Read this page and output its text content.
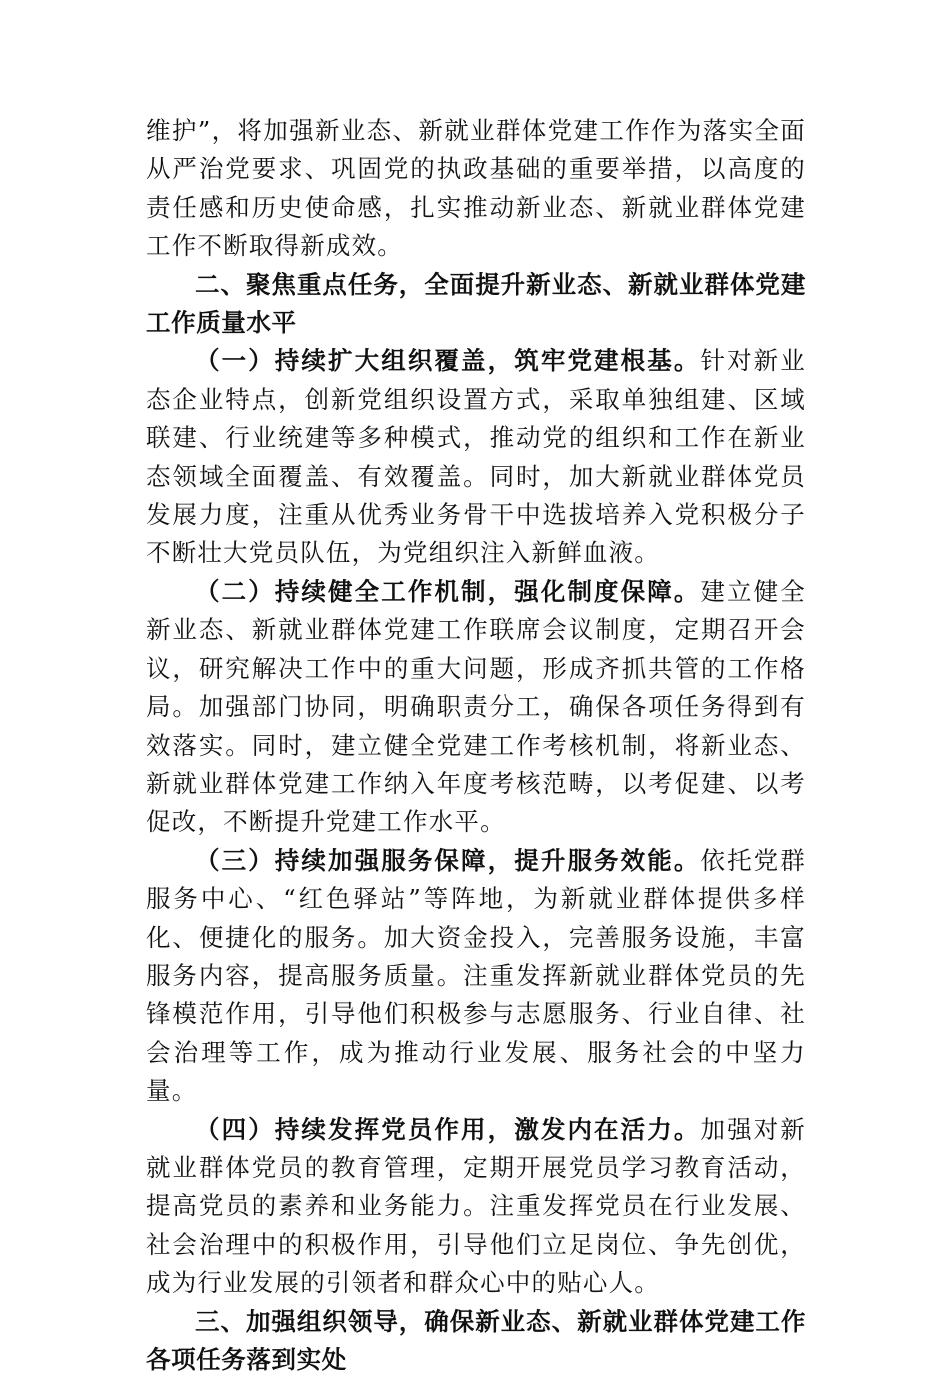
维护”，将加强新业态、新就业群体党建工作作为落实全面从严治党要求、巩固党的执政基础的重要举措，以高度的责任感和历史使命感，扎实推动新业态、新就业群体党建工作不断取得新成效。

二、聚焦重点任务，全面提升新业态、新就业群体党建工作质量水平

（一）持续扩大组织覆盖，筑牢党建根基。针对新业态企业特点，创新党组织设置方式，采取单独组建、区域联建、行业统建等多种模式，推动党的组织和工作在新业态领域全面覆盖、有效覆盖。同时，加大新就业群体党员发展力度，注重从优秀业务骨干中选拔培养入党积极分子不断壮大党员队伍，为党组织注入新鲜血液。

（二）持续健全工作机制，强化制度保障。建立健全新业态、新就业群体党建工作联席会议制度，定期召开会议，研究解决工作中的重大问题，形成齐抓共管的工作格局。加强部门协同，明确职责分工，确保各项任务得到有效落实。同时，建立健全党建工作考核机制，将新业态、新就业群体党建工作纳入年度考核范畴，以考促建、以考促改，不断提升党建工作水平。

（三）持续加强服务保障，提升服务效能。依托党群服务中心、“红色驿站”等阵地，为新就业群体提供多样化、便捷化的服务。加大资金投入，完善服务设施，丰富服务内容，提高服务质量。注重发挥新就业群体党员的先锋模范作用，引导他们积极参与志愿服务、行业自律、社会治理等工作，成为推动行业发展、服务社会的中坚力量。

（四）持续发挥党员作用，激发内在活力。加强对新就业群体党员的教育管理，定期开展党员学习教育活动，提高党员的素养和业务能力。注重发挥党员在行业发展、社会治理中的积极作用，引导他们立足岗位、争先创优，成为行业发展的引领者和群众心中的贴心人。

三、加强组织领导，确保新业态、新就业群体党建工作各项任务落到实处
